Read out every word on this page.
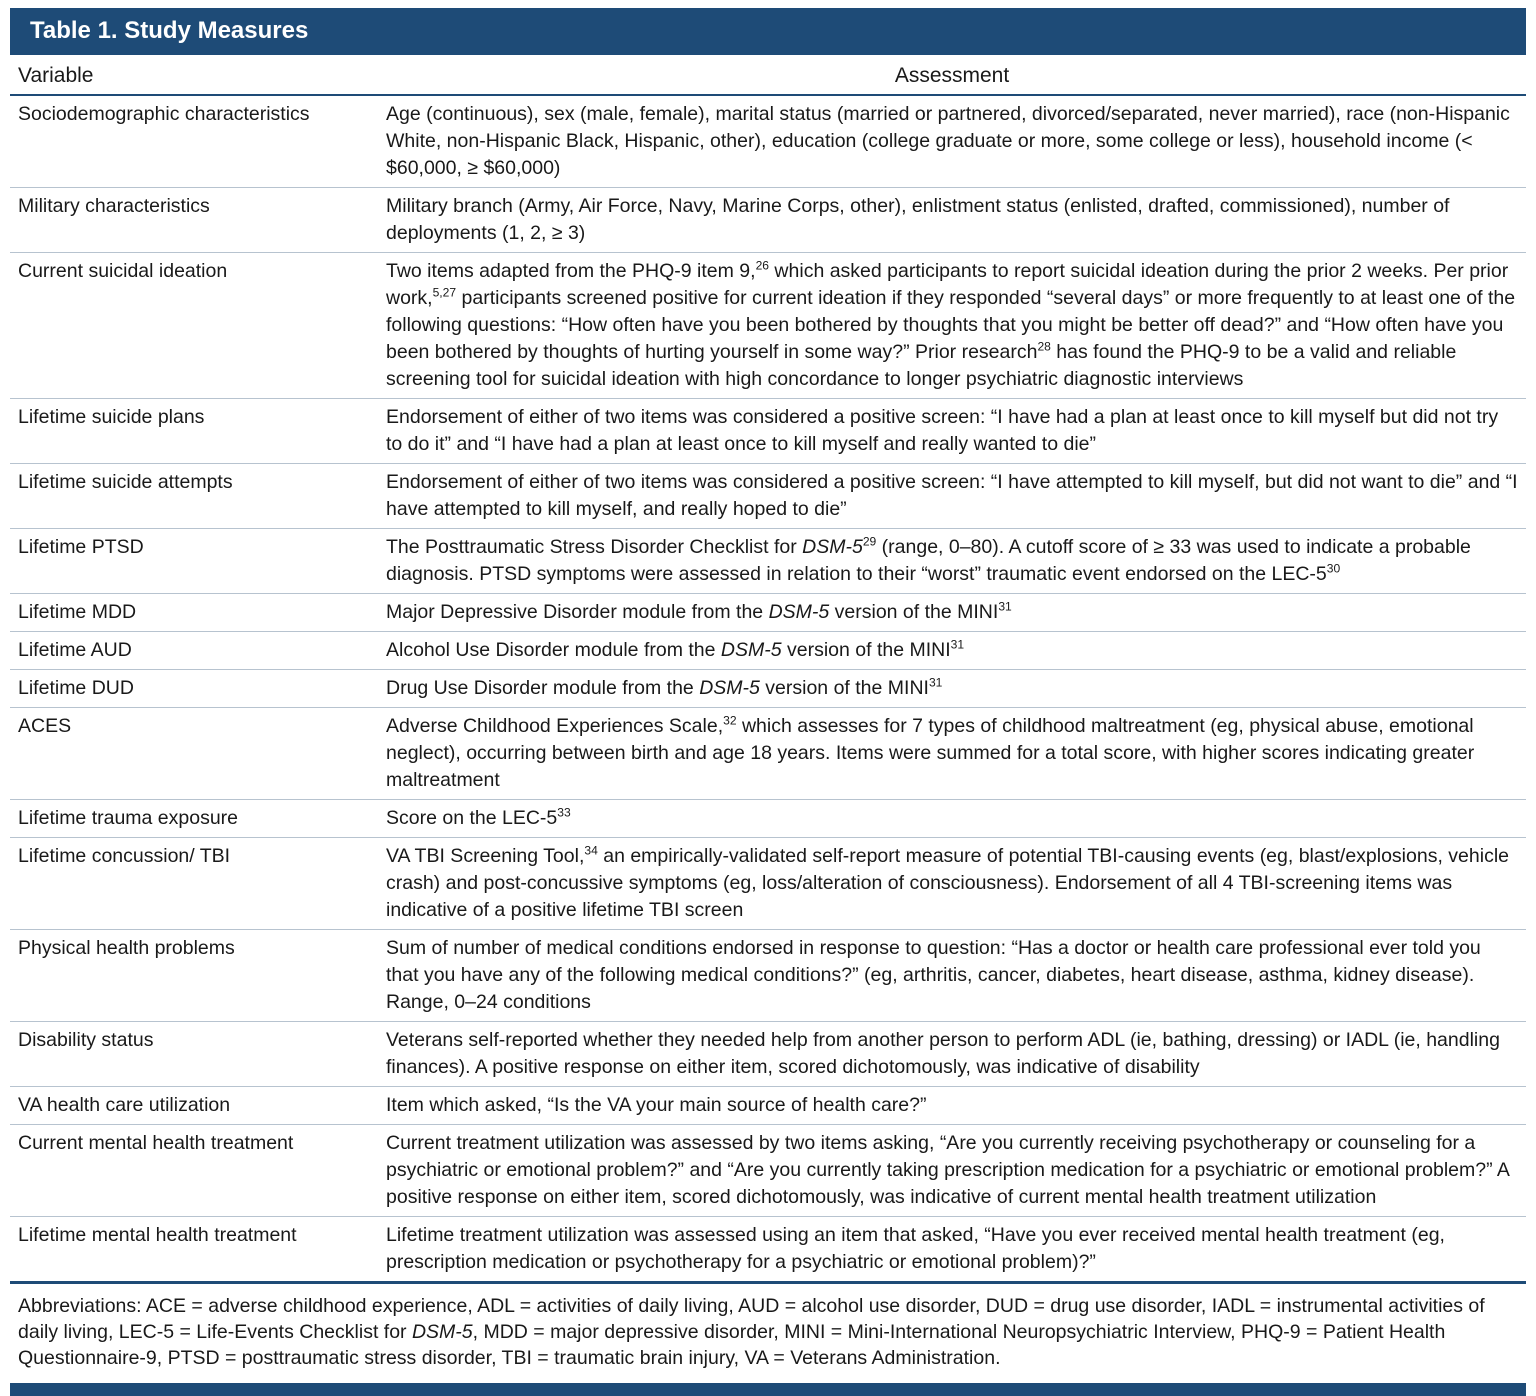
Table 1. Study Measures
Variable	Assessment
Sociodemographic characteristics	Age (continuous), sex (male, female), marital status (married or partnered, divorced/separated, never married), race (non-Hispanic White, non-Hispanic Black, Hispanic, other), education (college graduate or more, some college or less), household income (< $60,000, ≥ $60,000)
Military characteristics	Military branch (Army, Air Force, Navy, Marine Corps, other), enlistment status (enlisted, drafted, commissioned), number of deployments (1, 2, ≥ 3)
Current suicidal ideation	Two items adapted from the PHQ-9 item 9,26 which asked participants to report suicidal ideation during the prior 2 weeks. Per prior work,$^{5,27}$ participants screened positive for current ideation if they responded “several days” or more frequently to at least one of the following questions: “How often have you been bothered by thoughts that you might be better off dead?” and “How often have you been bothered by thoughts of hurting yourself in some way?” Prior research$^{28}$ has found the PHQ-9 to be a valid and reliable screening tool for suicidal ideation with high concordance to longer psychiatric diagnostic interviews
Lifetime suicide plans	Endorsement of either of two items was considered a positive screen: “I have had a plan at least once to kill myself but did not try to do it” and “I have had a plan at least once to kill myself and really wanted to die”
Lifetime suicide attempts	Endorsement of either of two items was considered a positive screen: “I have attempted to kill myself, but did not want to die” and “I have attempted to kill myself, and really hoped to die”
Lifetime PTSD	The Posttraumatic Stress Disorder Checklist for DSM-$5^{29}$ (range, 0–80). A cutoff score of ≥ 33 was used to indicate a probable diagnosis. PTSD symptoms were assessed in relation to their “worst” traumatic event endorsed on the LEC-$5^{30}$
Lifetime MDD	Major Depressive Disorder module from the DSM-5 version of the MINI$^{31}$
Lifetime AUD	Alcohol Use Disorder module from the DSM-5 version of the MINI$^{31}$
Lifetime DUD	Drug Use Disorder module from the DSM-5 version of the MINI$^{31}$
ACES	Adverse Childhood Experiences Scale,$^{32}$ which assesses for 7 types of childhood maltreatment (eg, physical abuse, emotional neglect), occurring between birth and age 18 years. Items were summed for a total score, with higher scores indicating greater maltreatment
Lifetime trauma exposure	Score on the LEC-$5^{33}$
Lifetime concussion/ TBI	VA TBI Screening Tool,$^{34}$ an empirically-validated self-report measure of potential TBI-causing events (eg, blast/explosions, vehicle crash) and post-concussive symptoms (eg, loss/alteration of consciousness). Endorsement of all 4 TBI-screening items was indicative of a positive lifetime TBI screen
Physical health problems	Sum of number of medical conditions endorsed in response to question: “Has a doctor or health care professional ever told you that you have any of the following medical conditions?” (eg, arthritis, cancer, diabetes, heart disease, asthma, kidney disease). Range, 0–24 conditions
Disability status	Veterans self-reported whether they needed help from another person to perform ADL (ie, bathing, dressing) or IADL (ie, handling finances). A positive response on either item, scored dichotomously, was indicative of disability
VA health care utilization	Item which asked, “Is the VA your main source of health care?”
Current mental health treatment	Current treatment utilization was assessed by two items asking, “Are you currently receiving psychotherapy or counseling for a psychiatric or emotional problem?” and “Are you currently taking prescription medication for a psychiatric or emotional problem?” A positive response on either item, scored dichotomously, was indicative of current mental health treatment utilization
Lifetime mental health treatment	Lifetime treatment utilization was assessed using an item that asked, “Have you ever received mental health treatment (eg, prescription medication or psychotherapy for a psychiatric or emotional problem)?”

Abbreviations: ACE = adverse childhood experience, ADL = activities of daily living, AUD = alcohol use disorder, DUD = drug use disorder, IADL = instrumental activities of daily living, LEC-5 = Life-Events Checklist for DSM-5, MDD = major depressive disorder, MINI = Mini-International Neuropsychiatric Interview, PHQ-9 = Patient Health Questionnaire-9, PTSD = posttraumatic stress disorder, TBI = traumatic brain injury, VA = Veterans Administration.
